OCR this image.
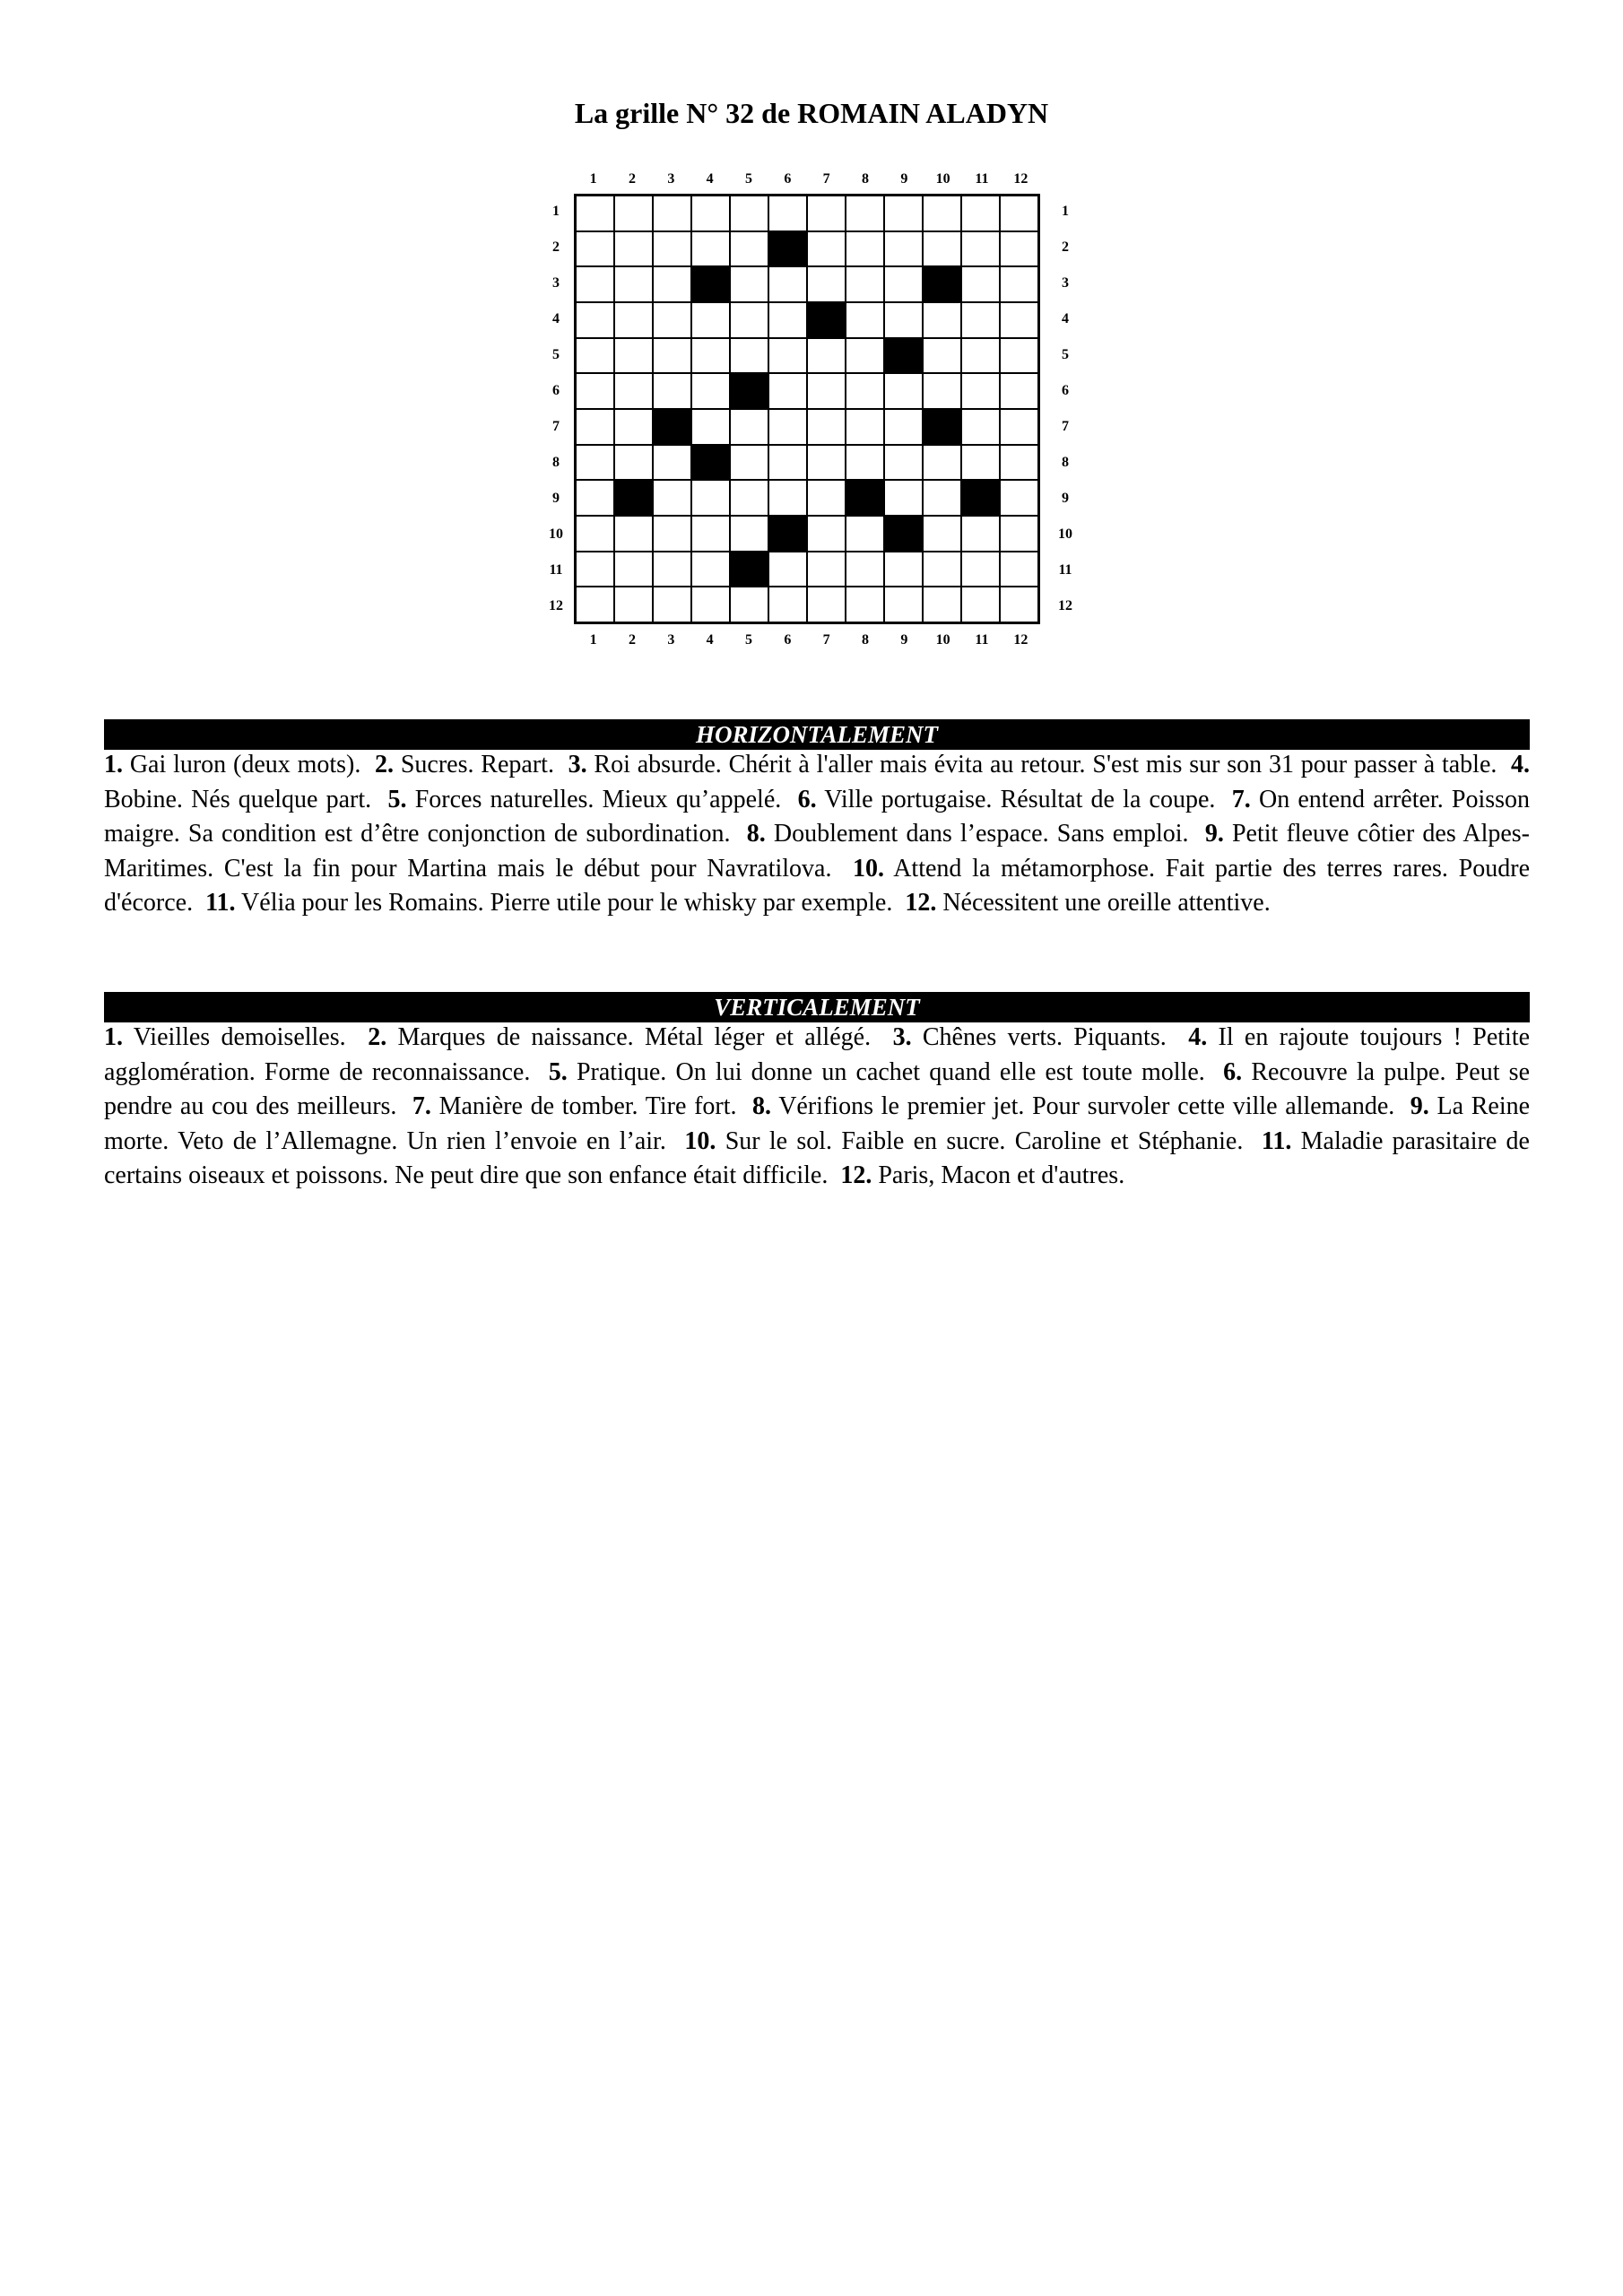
La grille N° 32 de ROMAIN ALADYN
1	2	3	4	5	6	7	8	9	10	11	12
1
2
3
4
5
6
7
8
9
10
11
12
1
2
3
4
5
6
7
8
9
10
11
12
1	2	3	4	5	6	7	8	9	10	11	12
HORIZONTALEMENT
1. Gai luron (deux mots). 2. Sucres. Repart. 3. Roi absurde. Chérit à l'aller mais évita au retour. S'est mis sur son 31 pour passer à table. 4. Bobine. Nés quelque part. 5. Forces naturelles. Mieux qu’appelé. 6. Ville portugaise. Résultat de la coupe. 7. On entend arrêter. Poisson maigre. Sa condition est d’être conjonction de subordination. 8. Doublement dans l’espace. Sans emploi. 9. Petit fleuve côtier des Alpes-Maritimes. C'est la fin pour Martina mais le début pour Navratilova. 10. Attend la métamorphose. Fait partie des terres rares. Poudre d'écorce. 11. Vélia pour les Romains. Pierre utile pour le whisky par exemple. 12. Nécessitent une oreille attentive.
VERTICALEMENT
1. Vieilles demoiselles. 2. Marques de naissance. Métal léger et allégé. 3. Chênes verts. Piquants. 4. Il en rajoute toujours ! Petite agglomération. Forme de reconnaissance. 5. Pratique. On lui donne un cachet quand elle est toute molle. 6. Recouvre la pulpe. Peut se pendre au cou des meilleurs. 7. Manière de tomber. Tire fort. 8. Vérifions le premier jet. Pour survoler cette ville allemande. 9. La Reine morte. Veto de l’Allemagne. Un rien l’envoie en l’air. 10. Sur le sol. Faible en sucre. Caroline et Stéphanie. 11. Maladie parasitaire de certains oiseaux et poissons. Ne peut dire que son enfance était difficile. 12. Paris, Macon et d'autres.
